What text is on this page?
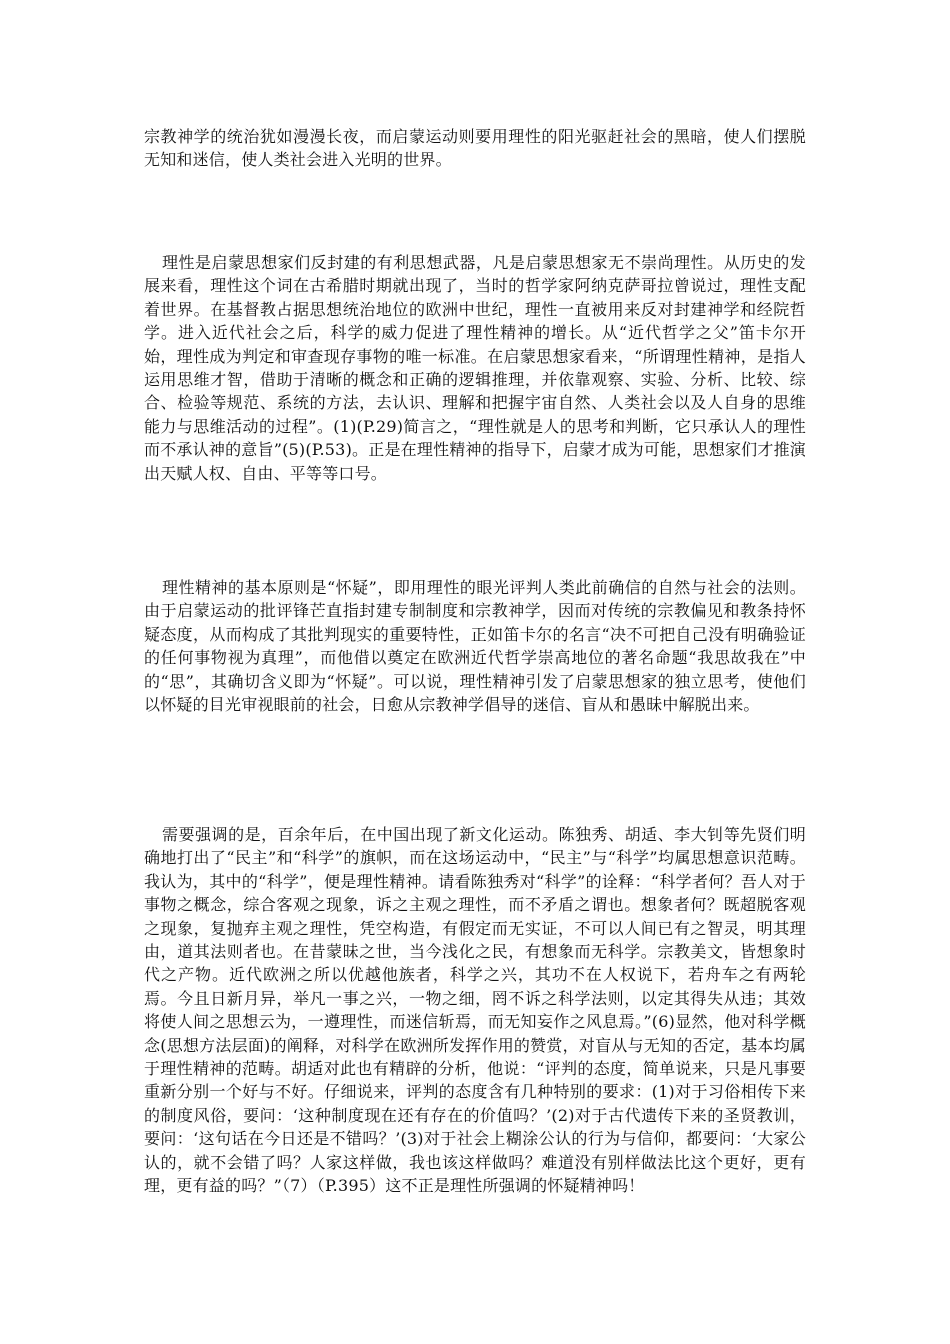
宗教神学的统治犹如漫漫长夜，而启蒙运动则要用理性的阳光驱赶社会的黑暗，使人们摆脱无知和迷信，使人类社会进入光明的世界。

理性是启蒙思想家们反封建的有利思想武器，凡是启蒙思想家无不崇尚理性。从历史的发展来看，理性这个词在古希腊时期就出现了，当时的哲学家阿纳克萨哥拉曾说过，理性支配着世界。在基督教占据思想统治地位的欧洲中世纪，理性一直被用来反对封建神学和经院哲学。进入近代社会之后，科学的威力促进了理性精神的增长。从“近代哲学之父”笛卡尔开始，理性成为判定和审查现存事物的唯一标准。在启蒙思想家看来，“所谓理性精神，是指人运用思维才智，借助于清晰的概念和正确的逻辑推理，并依靠观察、实验、分析、比较、综合、检验等规范、系统的方法，去认识、理解和把握宇宙自然、人类社会以及人自身的思维能力与思维活动的过程”。(1)(P.29)简言之，“理性就是人的思考和判断，它只承认人的理性而不承认神的意旨”(5)(P.53)。正是在理性精神的指导下，启蒙才成为可能，思想家们才推演出天赋人权、自由、平等等口号。

理性精神的基本原则是“怀疑”，即用理性的眼光评判人类此前确信的自然与社会的法则。由于启蒙运动的批评锋芒直指封建专制制度和宗教神学，因而对传统的宗教偏见和教条持怀疑态度，从而构成了其批判现实的重要特性，正如笛卡尔的名言“决不可把自己没有明确验证的任何事物视为真理”，而他借以奠定在欧洲近代哲学崇高地位的著名命题“我思故我在”中的“思”，其确切含义即为“怀疑”。可以说，理性精神引发了启蒙思想家的独立思考，使他们以怀疑的目光审视眼前的社会，日愈从宗教神学倡导的迷信、盲从和愚昧中解脱出来。

需要强调的是，百余年后，在中国出现了新文化运动。陈独秀、胡适、李大钊等先贤们明确地打出了“民主”和“科学”的旗帜，而在这场运动中，“民主”与“科学”均属思想意识范畴。我认为，其中的“科学”，便是理性精神。请看陈独秀对“科学”的诠释：“科学者何？吾人对于事物之概念，综合客观之现象，诉之主观之理性，而不矛盾之谓也。想象者何？既超脱客观之现象，复抛弃主观之理性，凭空构造，有假定而无实证，不可以人间已有之智灵，明其理由，道其法则者也。在昔蒙昧之世，当今浅化之民，有想象而无科学。宗教美文，皆想象时代之产物。近代欧洲之所以优越他族者，科学之兴，其功不在人权说下，若舟车之有两轮焉。今且日新月异，举凡一事之兴，一物之细，罔不诉之科学法则，以定其得失从违；其效将使人间之思想云为，一遵理性，而迷信斩焉，而无知妄作之风息焉。”(6)显然，他对科学概念(思想方法层面)的阐释，对科学在欧洲所发挥作用的赞赏，对盲从与无知的否定，基本均属于理性精神的范畴。胡适对此也有精辟的分析，他说：“评判的态度，简单说来，只是凡事要重新分别一个好与不好。仔细说来，评判的态度含有几种特别的要求：(1)对于习俗相传下来的制度风俗，要问：‘这种制度现在还有存在的价值吗？’(2)对于古代遗传下来的圣贤教训，要问：‘这句话在今日还是不错吗？’(3)对于社会上糊涂公认的行为与信仰，都要问：‘大家公认的，就不会错了吗？人家这样做，我也该这样做吗？难道没有别样做法比这个更好，更有理，更有益的吗？”（7）（P.395）这不正是理性所强调的怀疑精神吗！
